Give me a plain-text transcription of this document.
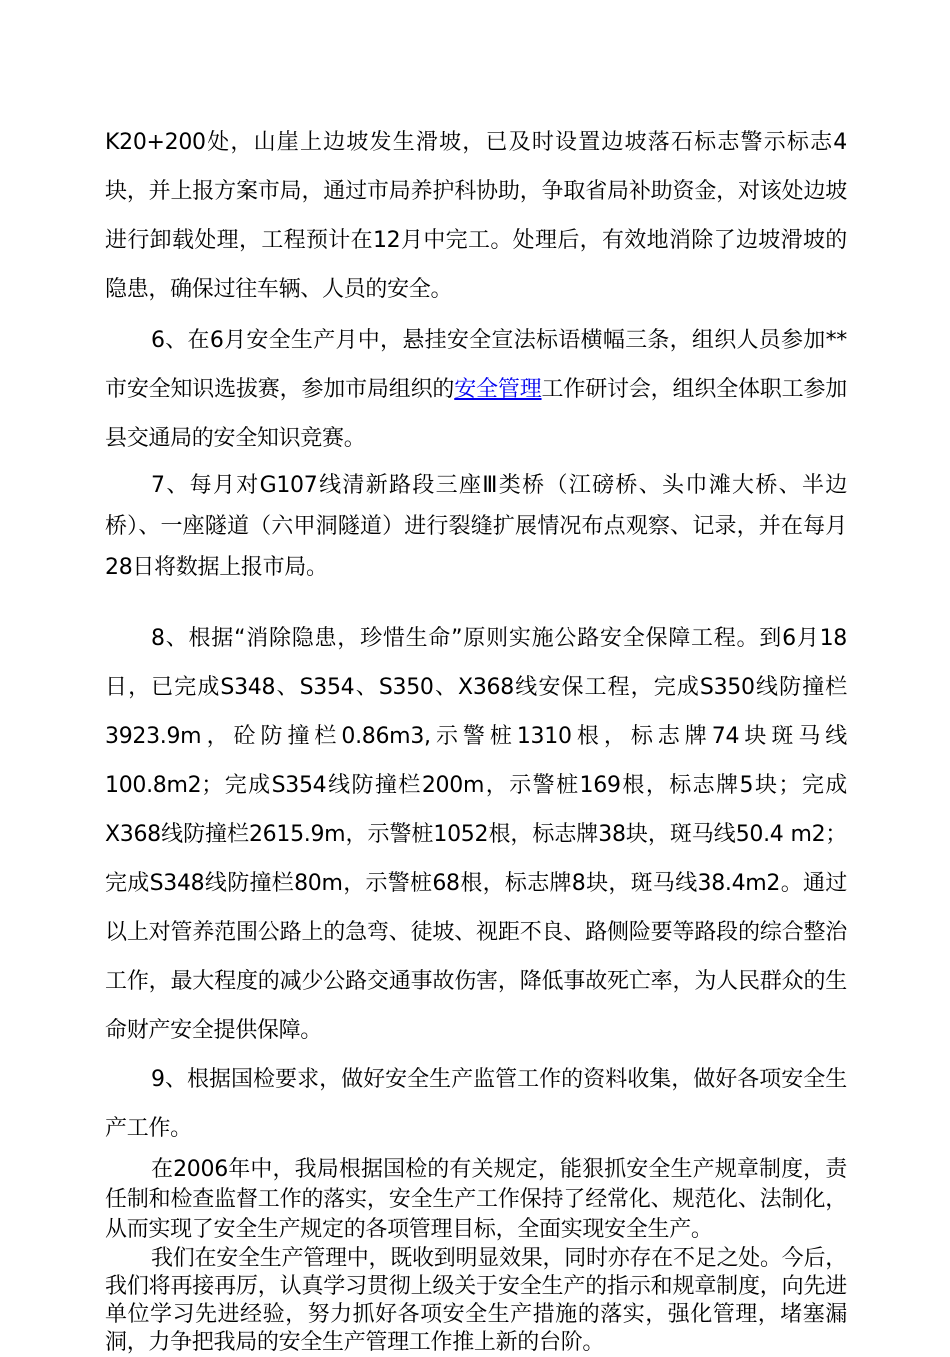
K20+200处，山崖上边坡发生滑坡，已及时设置边坡落石标志警示标志4块，并上报方案市局，通过市局养护科协助，争取省局补助资金，对该处边坡进行卸载处理，工程预计在12月中完工。处理后，有效地消除了边坡滑坡的隐患，确保过往车辆、人员的安全。

6、在6月安全生产月中，悬挂安全宣法标语横幅三条，组织人员参加**市安全知识选拔赛，参加市局组织的安全管理工作研讨会，组织全体职工参加县交通局的安全知识竞赛。

7、每月对G107线清新路段三座Ⅲ类桥（江磅桥、头巾滩大桥、半边桥）、一座隧道（六甲洞隧道）进行裂缝扩展情况布点观察、记录，并在每月28日将数据上报市局。

8、根据“消除隐患，珍惜生命”原则实施公路安全保障工程。到6月18日，已完成S348、S354、S350、X368线安保工程，完成S350线防撞栏3923.9m，砼防撞栏0.86m3,示警桩1310根，标志牌74块斑马线100.8m2；完成S354线防撞栏200m，示警桩169根，标志牌5块；完成X368线防撞栏2615.9m，示警桩1052根，标志牌38块，斑马线50.4 m2；完成S348线防撞栏80m，示警桩68根，标志牌8块，斑马线38.4m2。通过以上对管养范围公路上的急弯、徒坡、视距不良、路侧险要等路段的综合整治工作，最大程度的减少公路交通事故伤害，降低事故死亡率，为人民群众的生命财产安全提供保障。

9、根据国检要求，做好安全生产监管工作的资料收集，做好各项安全生产工作。

在2006年中，我局根据国检的有关规定，能狠抓安全生产规章制度，责任制和检查监督工作的落实，安全生产工作保持了经常化、规范化、法制化，从而实现了安全生产规定的各项管理目标，全面实现安全生产。

我们在安全生产管理中，既收到明显效果，同时亦存在不足之处。今后，我们将再接再厉，认真学习贯彻上级关于安全生产的指示和规章制度，向先进单位学习先进经验，努力抓好各项安全生产措施的落实，强化管理，堵塞漏洞，力争把我局的安全生产管理工作推上新的台阶。
